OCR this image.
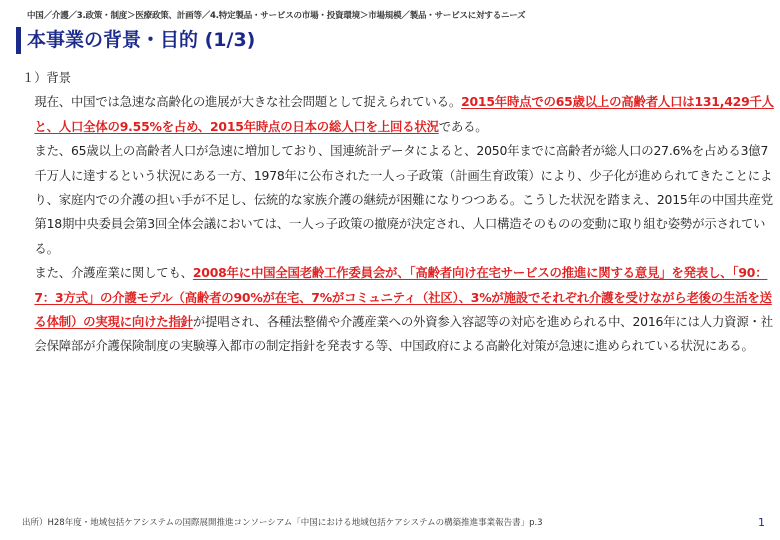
中国／介護／3.政策・制度＞医療政策、計画等／4.特定製品・サービスの市場・投資環境＞市場規模／製品・サービスに対するニーズ
本事業の背景・目的 (1/3)

１）背景

現在、中国では急速な高齢化の進展が大きな社会問題として捉えられている。2015年時点での65歳以上の高齢者人口は131,429千人と、人口全体の9.55%を占め、2015年時点の日本の総人口を上回る状況である。

また、65歳以上の高齢者人口が急速に増加しており、国連統計データによると、2050年までに高齢者が総人口の27.6%を占める3億7千万人に達するという状況にある一方、1978年に公布された一人っ子政策（計画生育政策）により、少子化が進められてきたことにより、家庭内での介護の担い手が不足し、伝統的な家族介護の継続が困難になりつつある。こうした状況を踏まえ、2015年の中国共産党第18期中央委員会第3回全体会議においては、一人っ子政策の撤廃が決定され、人口構造そのものの変動に取り組む姿勢が示されている。

また、介護産業に関しても、2008年に中国全国老齢工作委員会が、「高齢者向け在宅サービスの推進に関する意見」を発表し、「90：7：3方式」の介護モデル（高齢者の90%が在宅、7%がコミュニティ（社区）、3%が施設でそれぞれ介護を受けながら老後の生活を送る体制）の実現に向けた指針が提唱され、各種法整備や介護産業への外資参入容認等の対応を進められる中、2016年には人力資源・社会保障部が介護保険制度の実験導入都市の制定指針を発表する等、中国政府による高齢化対策が急速に進められている状況にある。

出所）H28年度・地域包括ケアシステムの国際展開推進コンソーシアム「中国における地域包括ケアシステムの構築推進事業報告書」p.3	1
